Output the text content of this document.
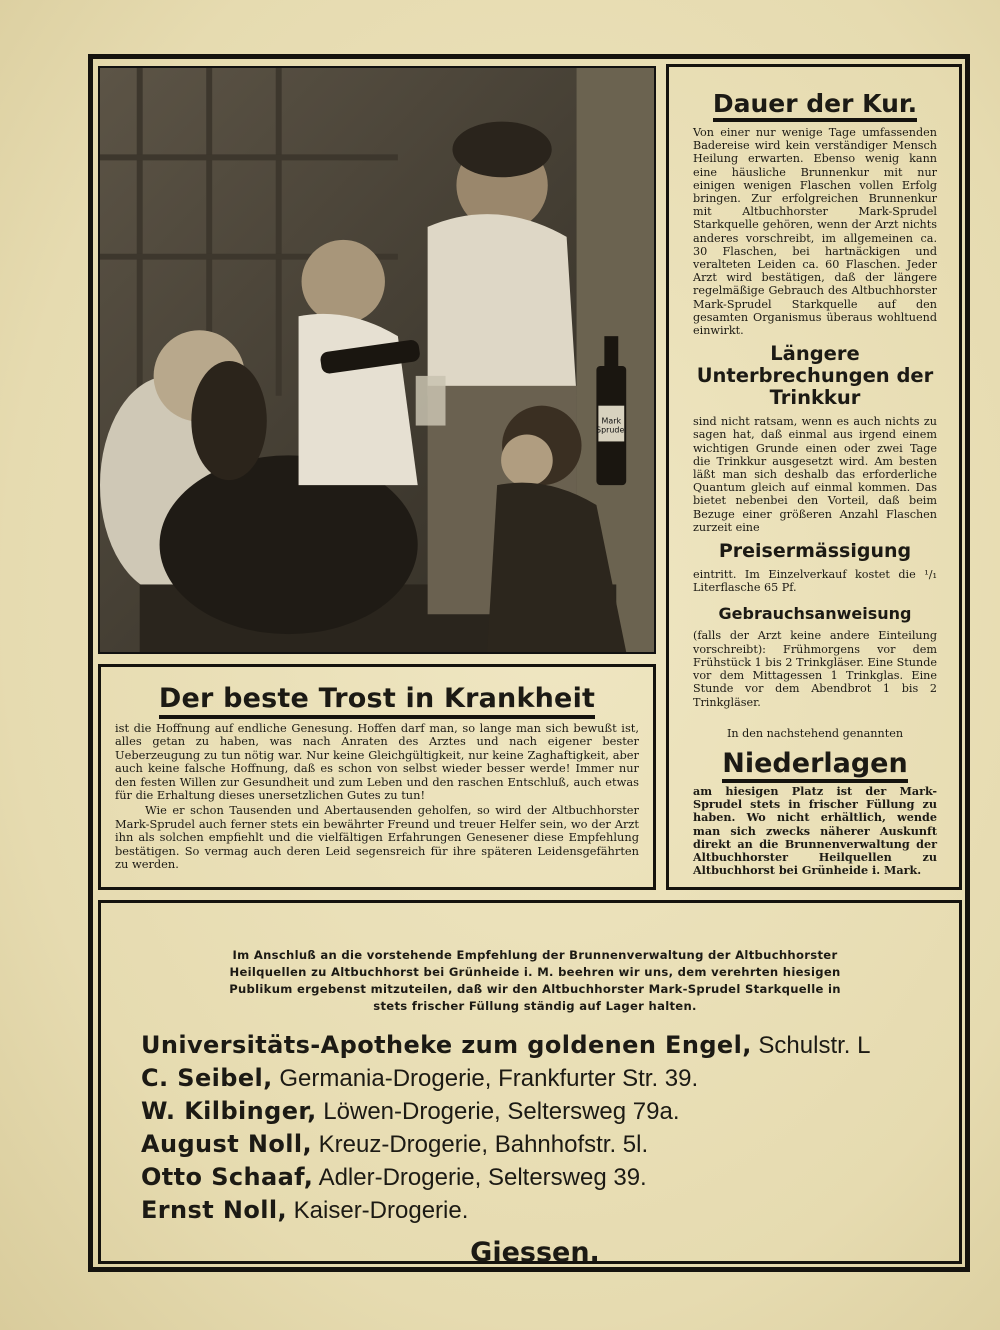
Mark Sprudel
Der beste Trost in Krankheit

ist die Hoffnung auf endliche Genesung. Hoffen darf man, so lange man sich bewußt ist, alles getan zu haben, was nach Anraten des Arztes und nach eigener bester Ueberzeugung zu tun nötig war. Nur keine Gleichgültigkeit, nur keine Zaghaftigkeit, aber auch keine falsche Hoffnung, daß es schon von selbst wieder besser werde! Immer nur den festen Willen zur Gesundheit und zum Leben und den raschen Entschluß, auch etwas für die Erhaltung dieses unersetzlichen Gutes zu tun!

Wie er schon Tausenden und Abertausenden geholfen, so wird der Altbuchhorster Mark-Sprudel auch ferner stets ein bewährter Freund und treuer Helfer sein, wo der Arzt ihn als solchen empfiehlt und die vielfältigen Erfahrungen Genesener diese Empfehlung bestätigen. So vermag auch deren Leid segensreich für ihre späteren Leidensgefährten zu werden.

Dauer der Kur.

Von einer nur wenige Tage umfassenden Badereise wird kein verständiger Mensch Heilung erwarten. Ebenso wenig kann eine häusliche Brunnenkur mit nur einigen wenigen Flaschen vollen Erfolg bringen. Zur erfolgreichen Brunnenkur mit Altbuchhorster Mark-Sprudel Starkquelle gehören, wenn der Arzt nichts anderes vorschreibt, im allgemeinen ca. 30 Flaschen, bei hartnäckigen und veralteten Leiden ca. 60 Flaschen. Jeder Arzt wird bestätigen, daß der längere regelmäßige Gebrauch des Altbuchhorster Mark-Sprudel Starkquelle auf den gesamten Organismus überaus wohltuend einwirkt.

Längere Unterbrechungen der Trinkkur

sind nicht ratsam, wenn es auch nichts zu sagen hat, daß einmal aus irgend einem wichtigen Grunde einen oder zwei Tage die Trinkkur ausgesetzt wird. Am besten läßt man sich deshalb das erforderliche Quantum gleich auf einmal kommen. Das bietet nebenbei den Vorteil, daß beim Bezuge einer größeren Anzahl Flaschen zurzeit eine

Preisermässigung

eintritt. Im Einzelverkauf kostet die ¹/₁ Literflasche 65 Pf.

Gebrauchsanweisung

(falls der Arzt keine andere Einteilung vorschreibt): Frühmorgens vor dem Frühstück 1 bis 2 Trinkgläser. Eine Stunde vor dem Mittagessen 1 Trinkglas. Eine Stunde vor dem Abendbrot 1 bis 2 Trinkgläser.

In den nachstehend genannten

Niederlagen

am hiesigen Platz ist der Mark-Sprudel stets in frischer Füllung zu haben. Wo nicht erhältlich, wende man sich zwecks näherer Auskunft direkt an die Brunnenverwaltung der Altbuchhorster Heilquellen zu Altbuchhorst bei Grünheide i. Mark.

Im Anschluß an die vorstehende Empfehlung der Brunnenverwaltung der Altbuchhorster Heilquellen zu Altbuchhorst bei Grünheide i. M. beehren wir uns, dem verehrten hiesigen Publikum ergebenst mitzuteilen, daß wir den Altbuchhorster Mark-Sprudel Starkquelle in stets frischer Füllung ständig auf Lager halten.

Universitäts-Apotheke zum goldenen Engel, Schulstr. L
C. Seibel, Germania-Drogerie, Frankfurter Str. 39.
W. Kilbinger, Löwen-Drogerie, Seltersweg 79a.
August Noll, Kreuz-Drogerie, Bahnhofstr. 5l.
Otto Schaaf, Adler-Drogerie, Seltersweg 39.
Ernst Noll, Kaiser-Drogerie.
Giessen.
